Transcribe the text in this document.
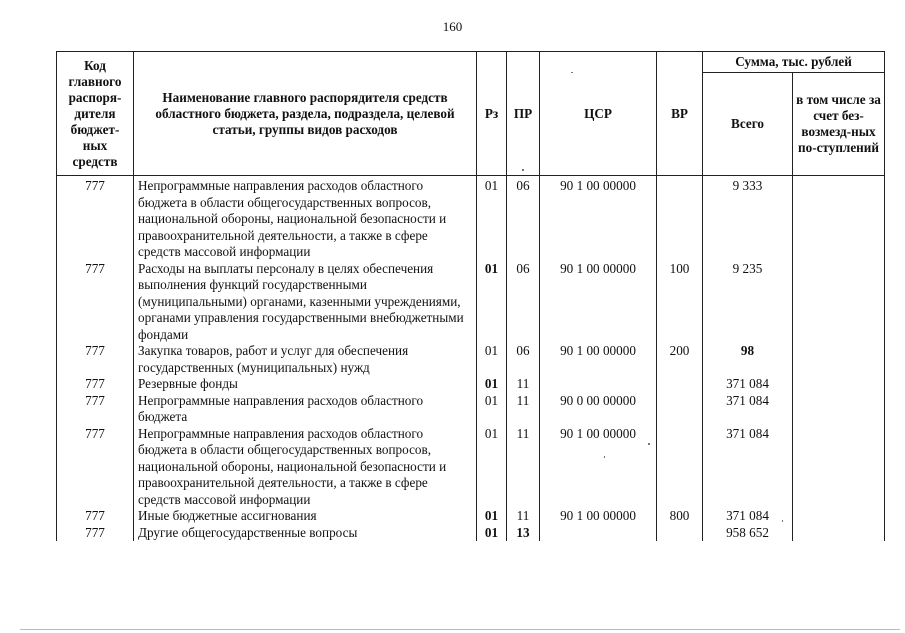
160
Код главного распоря-дителя бюджет-ных средств	Наименование главного распорядителя средств областного бюджета, раздела, подраздела, целевой статьи, группы видов расходов	Рз	ПР	ЦСР	ВР	Сумма, тыс. рублей	
						Всего	в том числе за счет без-возмезд-ных по-ступлений
777	Непрограммные направления расходов областного бюджета в области общегосударственных вопросов, национальной обороны, национальной безопасности и правоохранительной деятельности, а также в сфере средств массовой информации	01	06	90 1 00 00000		9 333	
777	Расходы на выплаты персоналу в целях обеспечения выполнения функций государственными (муниципальными) органами, казенными учреждениями, органами управления государственными внебюджетными фондами	01	06	90 1 00 00000	100	9 235	
777	Закупка товаров, работ и услуг для обеспечения государственных (муниципальных) нужд	01	06	90 1 00 00000	200	98	
777	Резервные фонды	01	11			371 084	
777	Непрограммные направления расходов областного бюджета	01	11	90 0 00 00000		371 084	
777	Непрограммные направления расходов областного бюджета в области общегосударственных вопросов, национальной обороны, национальной безопасности и правоохранительной деятельности, а также в сфере средств массовой информации	01	11	90 1 00 00000		371 084	
777	Иные бюджетные ассигнования	01	11	90 1 00 00000	800	371 084	
777	Другие общегосударственные вопросы	01	13			958 652	
